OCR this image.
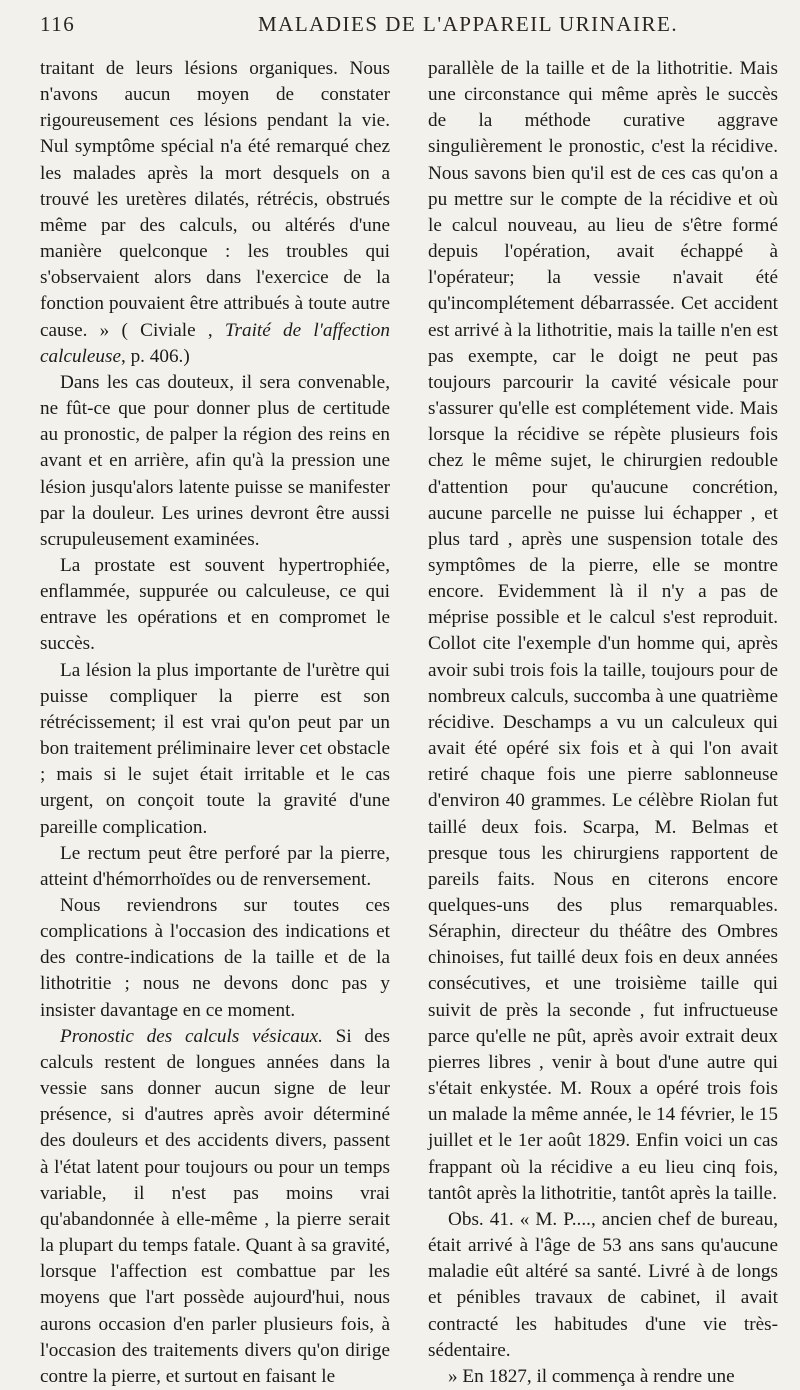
116	MALADIES DE L'APPAREIL URINAIRE.

traitant de leurs lésions organiques. Nous n'avons aucun moyen de constater rigoureusement ces lésions pendant la vie. Nul symptôme spécial n'a été remarqué chez les malades après la mort desquels on a trouvé les uretères dilatés, rétrécis, obstrués même par des calculs, ou altérés d'une manière quelconque : les troubles qui s'observaient alors dans l'exercice de la fonction pouvaient être attribués à toute autre cause. » ( Civiale , Traité de l'affection calculeuse, p. 406.)

Dans les cas douteux, il sera convenable, ne fût-ce que pour donner plus de certitude au pronostic, de palper la région des reins en avant et en arrière, afin qu'à la pression une lésion jusqu'alors latente puisse se manifester par la douleur. Les urines devront être aussi scrupuleusement examinées.

La prostate est souvent hypertrophiée, enflammée, suppurée ou calculeuse, ce qui entrave les opérations et en compromet le succès.

La lésion la plus importante de l'urètre qui puisse compliquer la pierre est son rétrécissement; il est vrai qu'on peut par un bon traitement préliminaire lever cet obstacle ; mais si le sujet était irritable et le cas urgent, on conçoit toute la gravité d'une pareille complication.

Le rectum peut être perforé par la pierre, atteint d'hémorrhoïdes ou de renversement.

Nous reviendrons sur toutes ces complications à l'occasion des indications et des contre-indications de la taille et de la lithotritie ; nous ne devons donc pas y insister davantage en ce moment.

Pronostic des calculs vésicaux. Si des calculs restent de longues années dans la vessie sans donner aucun signe de leur présence, si d'autres après avoir déterminé des douleurs et des accidents divers, passent à l'état latent pour toujours ou pour un temps variable, il n'est pas moins vrai qu'abandonnée à elle-même , la pierre serait la plupart du temps fatale. Quant à sa gravité, lorsque l'affection est combattue par les moyens que l'art possède aujourd'hui, nous aurons occasion d'en parler plusieurs fois, à l'occasion des traitements divers qu'on dirige contre la pierre, et surtout en faisant le

parallèle de la taille et de la lithotritie. Mais une circonstance qui même après le succès de la méthode curative aggrave singulièrement le pronostic, c'est la récidive. Nous savons bien qu'il est de ces cas qu'on a pu mettre sur le compte de la récidive et où le calcul nouveau, au lieu de s'être formé depuis l'opération, avait échappé à l'opérateur; la vessie n'avait été qu'incomplétement débarrassée. Cet accident est arrivé à la lithotritie, mais la taille n'en est pas exempte, car le doigt ne peut pas toujours parcourir la cavité vésicale pour s'assurer qu'elle est complétement vide. Mais lorsque la récidive se répète plusieurs fois chez le même sujet, le chirurgien redouble d'attention pour qu'aucune concrétion, aucune parcelle ne puisse lui échapper , et plus tard , après une suspension totale des symptômes de la pierre, elle se montre encore. Evidemment là il n'y a pas de méprise possible et le calcul s'est reproduit. Collot cite l'exemple d'un homme qui, après avoir subi trois fois la taille, toujours pour de nombreux calculs, succomba à une quatrième récidive. Deschamps a vu un calculeux qui avait été opéré six fois et à qui l'on avait retiré chaque fois une pierre sablonneuse d'environ 40 grammes. Le célèbre Riolan fut taillé deux fois. Scarpa, M. Belmas et presque tous les chirurgiens rapportent de pareils faits. Nous en citerons encore quelques-uns des plus remarquables. Séraphin, directeur du théâtre des Ombres chinoises, fut taillé deux fois en deux années consécutives, et une troisième taille qui suivit de près la seconde , fut infructueuse parce qu'elle ne pût, après avoir extrait deux pierres libres , venir à bout d'une autre qui s'était enkystée. M. Roux a opéré trois fois un malade la même année, le 14 février, le 15 juillet et le 1er août 1829. Enfin voici un cas frappant où la récidive a eu lieu cinq fois, tantôt après la lithotritie, tantôt après la taille.

Obs. 41. « M. P...., ancien chef de bureau, était arrivé à l'âge de 53 ans sans qu'aucune maladie eût altéré sa santé. Livré à de longs et pénibles travaux de cabinet, il avait contracté les habitudes d'une vie très-sédentaire.

» En 1827, il commença à rendre une
